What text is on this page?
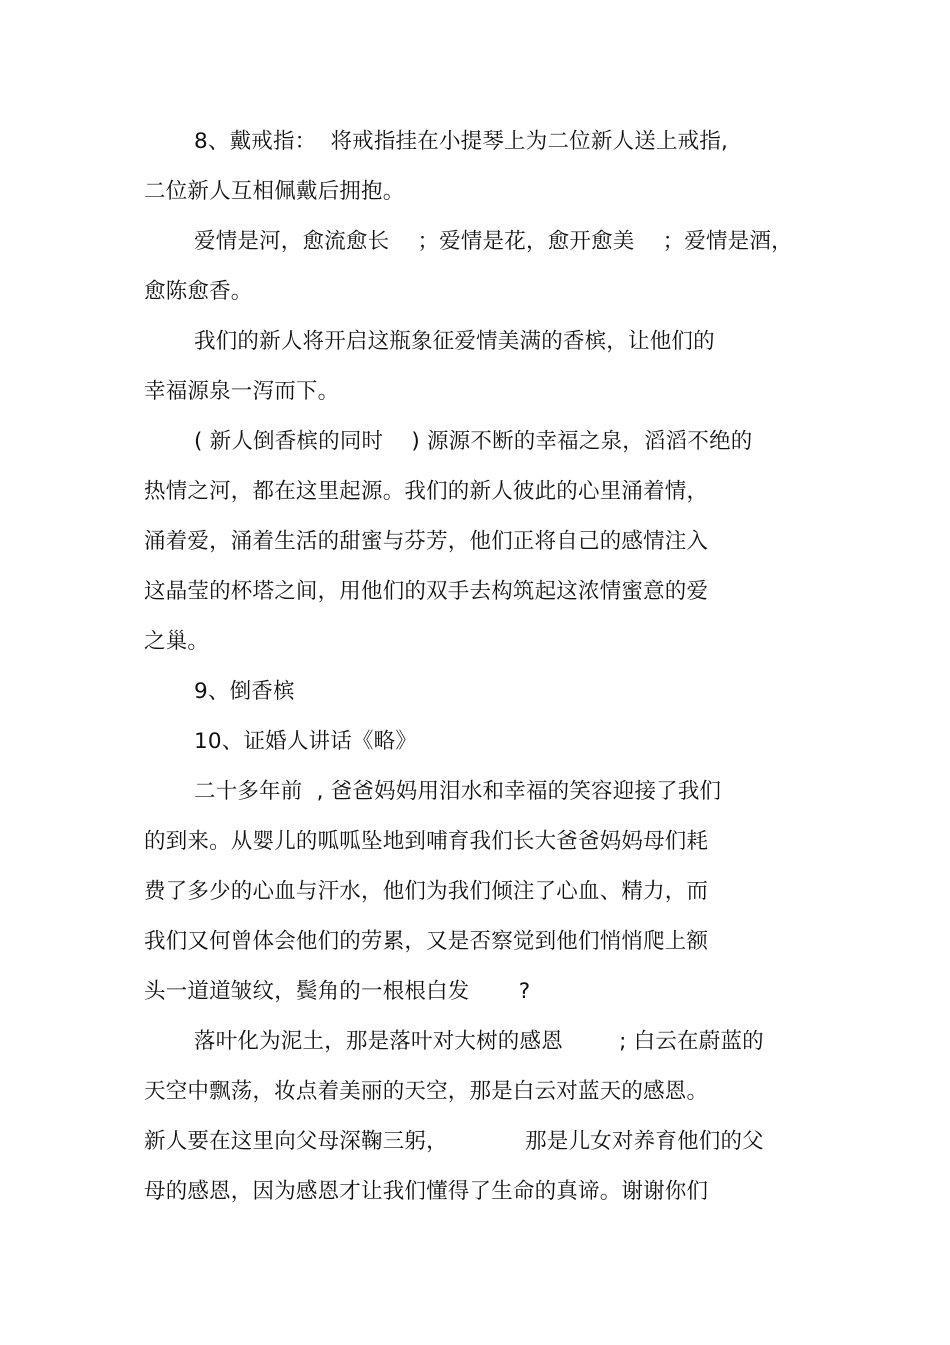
8、戴戒指：  将戒指挂在小提琴上为二位新人送上戒指,
二位新人互相佩戴后拥抱。
爱情是河，愈流愈长    ；爱情是花，愈开愈美    ；爱情是酒，
愈陈愈香。
我们的新人将开启这瓶象征爱情美满的香槟，让他们的
幸福源泉一泻而下。
( 新人倒香槟的同时    ) 源源不断的幸福之泉，滔滔不绝的
热情之河，都在这里起源。我们的新人彼此的心里涌着情，
涌着爱，涌着生活的甜蜜与芬芳，他们正将自己的感情注入
这晶莹的杯塔之间，用他们的双手去构筑起这浓情蜜意的爱
之巢。
9、倒香槟
10、证婚人讲话《略》
二十多年前  , 爸爸妈妈用泪水和幸福的笑容迎接了我们
的到来。从婴儿的呱呱坠地到哺育我们长大爸爸妈妈母们耗
费了多少的心血与汗水，他们为我们倾注了心血、精力，而
我们又何曾体会他们的劳累，又是否察觉到他们悄悄爬上额
头一道道皱纹，鬓角的一根根白发       ?
落叶化为泥土，那是落叶对大树的感恩        ; 白云在蔚蓝的
天空中飘荡，妆点着美丽的天空，那是白云对蓝天的感恩。
新人要在这里向父母深鞠三躬，           那是儿女对养育他们的父
母的感恩，因为感恩才让我们懂得了生命的真谛。谢谢你们
